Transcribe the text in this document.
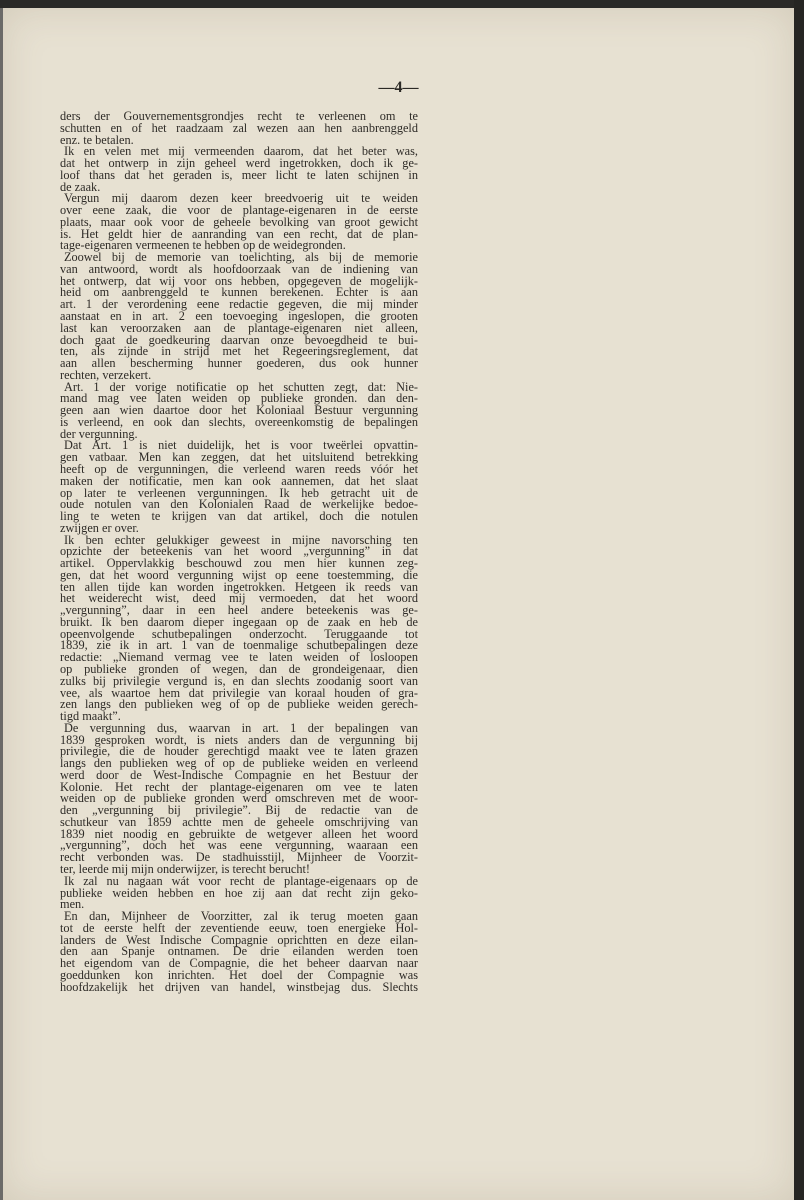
—4—
ders der Gouvernementsgrondjes recht te verleenen om te
schutten en of het raadzaam zal wezen aan hen aanbrenggeld
enz. te betalen.
Ik en velen met mij vermeenden daarom, dat het beter was,
dat het ontwerp in zijn geheel werd ingetrokken, doch ik ge-
loof thans dat het geraden is, meer licht te laten schijnen in
de zaak.
Vergun mij daarom dezen keer breedvoerig uit te weiden
over eene zaak, die voor de plantage-eigenaren in de eerste
plaats, maar ook voor de geheele bevolking van groot gewicht
is. Het geldt hier de aanranding van een recht, dat de plan-
tage-eigenaren vermeenen te hebben op de weidegronden.
Zoowel bij de memorie van toelichting, als bij de memorie
van antwoord, wordt als hoofdoorzaak van de indiening van
het ontwerp, dat wij voor ons hebben, opgegeven de mogelijk-
heid om aanbrenggeld te kunnen berekenen. Echter is aan
art. 1 der verordening eene redactie gegeven, die mij minder
aanstaat en in art. 2 een toevoeging ingeslopen, die grooten
last kan veroorzaken aan de plantage-eigenaren niet alleen,
doch gaat de goedkeuring daarvan onze bevoegdheid te bui-
ten, als zijnde in strijd met het Regeeringsreglement, dat
aan allen bescherming hunner goederen, dus ook hunner
rechten, verzekert.
Art. 1 der vorige notificatie op het schutten zegt, dat: Nie-
mand mag vee laten weiden op publieke gronden. dan den-
geen aan wien daartoe door het Koloniaal Bestuur vergunning
is verleend, en ook dan slechts, overeenkomstig de bepalingen
der vergunning.
Dat Art. 1 is niet duidelijk, het is voor tweërlei opvattin-
gen vatbaar. Men kan zeggen, dat het uitsluitend betrekking
heeft op de vergunningen, die verleend waren reeds vóór het
maken der notificatie, men kan ook aannemen, dat het slaat
op later te verleenen vergunningen. Ik heb getracht uit de
oude notulen van den Kolonialen Raad de werkelijke bedoe-
ling te weten te krijgen van dat artikel, doch die notulen
zwijgen er over.
Ik ben echter gelukkiger geweest in mijne navorsching ten
opzichte der beteekenis van het woord „vergunning” in dat
artikel. Oppervlakkig beschouwd zou men hier kunnen zeg-
gen, dat het woord vergunning wijst op eene toestemming, die
ten allen tijde kan worden ingetrokken. Hetgeen ik reeds van
het weiderecht wist, deed mij vermoeden, dat het woord
„vergunning”, daar in een heel andere beteekenis was ge-
bruikt. Ik ben daarom dieper ingegaan op de zaak en heb de
opeenvolgende schutbepalingen onderzocht. Teruggaande tot
1839, zie ik in art. 1 van de toenmalige schutbepalingen deze
redactie: „Niemand vermag vee te laten weiden of losloopen
op publieke gronden of wegen, dan de grondeigenaar, dien
zulks bij privilegie vergund is, en dan slechts zoodanig soort van
vee, als waartoe hem dat privilegie van koraal houden of gra-
zen langs den publieken weg of op de publieke weiden gerech-
tigd maakt”.
De vergunning dus, waarvan in art. 1 der bepalingen van
1839 gesproken wordt, is niets anders dan de vergunning bij
privilegie, die de houder gerechtigd maakt vee te laten grazen
langs den publieken weg of op de publieke weiden en verleend
werd door de West-Indische Compagnie en het Bestuur der
Kolonie. Het recht der plantage-eigenaren om vee te laten
weiden op de publieke gronden werd omschreven met de woor-
den „vergunning bij privilegie”. Bij de redactie van de
schutkeur van 1859 achtte men de geheele omschrijving van
1839 niet noodig en gebruikte de wetgever alleen het woord
„vergunning”, doch het was eene vergunning, waaraan een
recht verbonden was. De stadhuisstijl, Mijnheer de Voorzit-
ter, leerde mij mijn onderwijzer, is terecht berucht!
Ik zal nu nagaan wát voor recht de plantage-eigenaars op de
publieke weiden hebben en hoe zij aan dat recht zijn geko-
men.
En dan, Mijnheer de Voorzitter, zal ik terug moeten gaan
tot de eerste helft der zeventiende eeuw, toen energieke Hol-
landers de West Indische Compagnie oprichtten en deze eilan-
den aan Spanje ontnamen. De drie eilanden werden toen
het eigendom van de Compagnie, die het beheer daarvan naar
goeddunken kon inrichten. Het doel der Compagnie was
hoofdzakelijk het drijven van handel, winstbejag dus. Slechts
